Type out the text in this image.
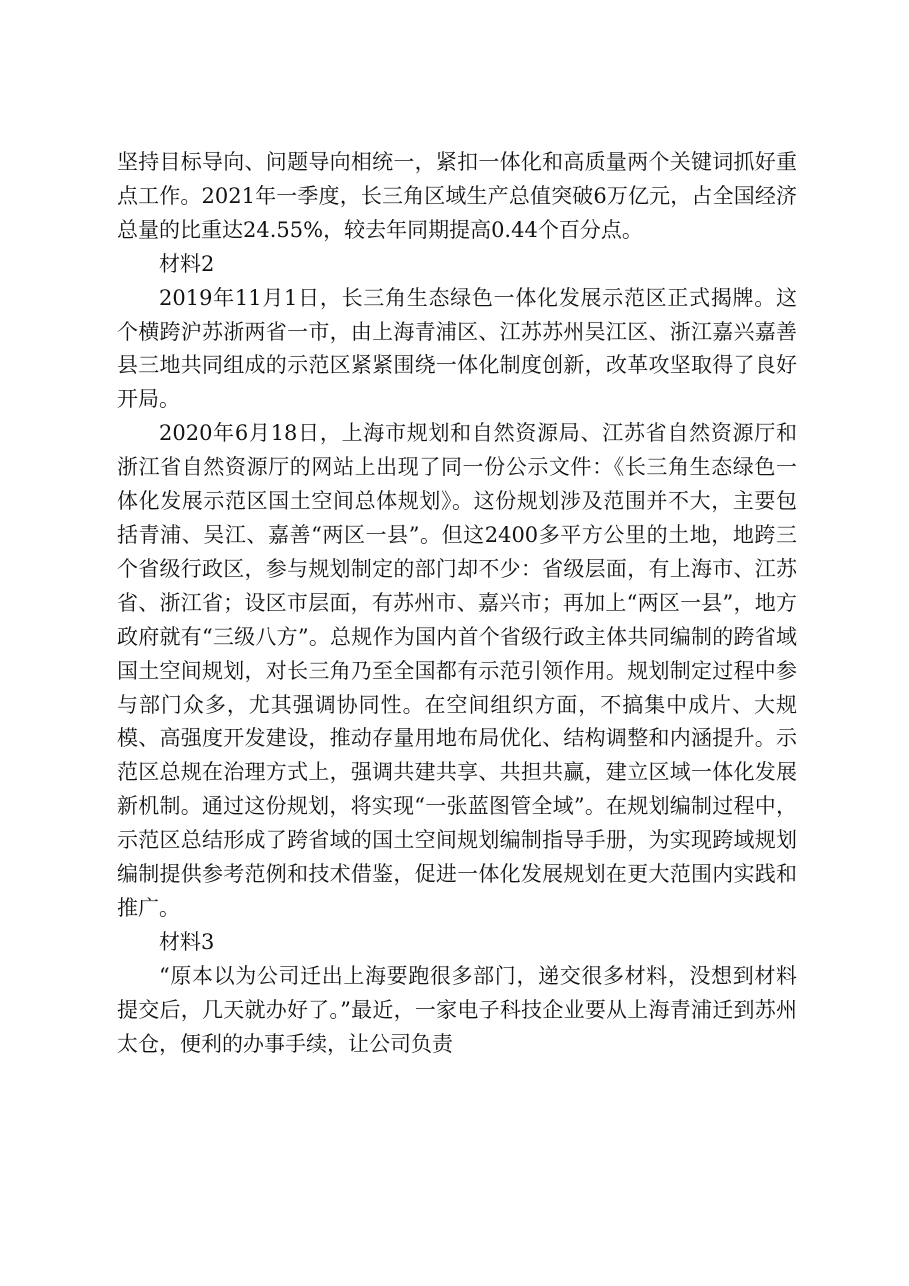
坚持目标导向、问题导向相统一，紧扣一体化和高质量两个关键词抓好重点工作。2021年一季度，长三角区域生产总值突破6万亿元，占全国经济总量的比重达24.55%，较去年同期提高0.44个百分点。

材料2

2019年11月1日，长三角生态绿色一体化发展示范区正式揭牌。这个横跨沪苏浙两省一市，由上海青浦区、江苏苏州吴江区、浙江嘉兴嘉善县三地共同组成的示范区紧紧围绕一体化制度创新，改革攻坚取得了良好开局。

2020年6月18日，上海市规划和自然资源局、江苏省自然资源厅和浙江省自然资源厅的网站上出现了同一份公示文件：《长三角生态绿色一体化发展示范区国土空间总体规划》。这份规划涉及范围并不大，主要包括青浦、吴江、嘉善“两区一县”。但这2400多平方公里的土地，地跨三个省级行政区，参与规划制定的部门却不少：省级层面，有上海市、江苏省、浙江省；设区市层面，有苏州市、嘉兴市；再加上“两区一县”，地方政府就有“三级八方”。总规作为国内首个省级行政主体共同编制的跨省域国土空间规划，对长三角乃至全国都有示范引领作用。规划制定过程中参与部门众多，尤其强调协同性。在空间组织方面，不搞集中成片、大规模、高强度开发建设，推动存量用地布局优化、结构调整和内涵提升。示范区总规在治理方式上，强调共建共享、共担共赢，建立区域一体化发展新机制。通过这份规划，将实现“一张蓝图管全域”。在规划编制过程中，示范区总结形成了跨省域的国土空间规划编制指导手册，为实现跨域规划编制提供参考范例和技术借鉴，促进一体化发展规划在更大范围内实践和推广。

材料3

“原本以为公司迁出上海要跑很多部门，递交很多材料，没想到材料提交后，几天就办好了。”最近，一家电子科技企业要从上海青浦迁到苏州太仓，便利的办事手续，让公司负责
